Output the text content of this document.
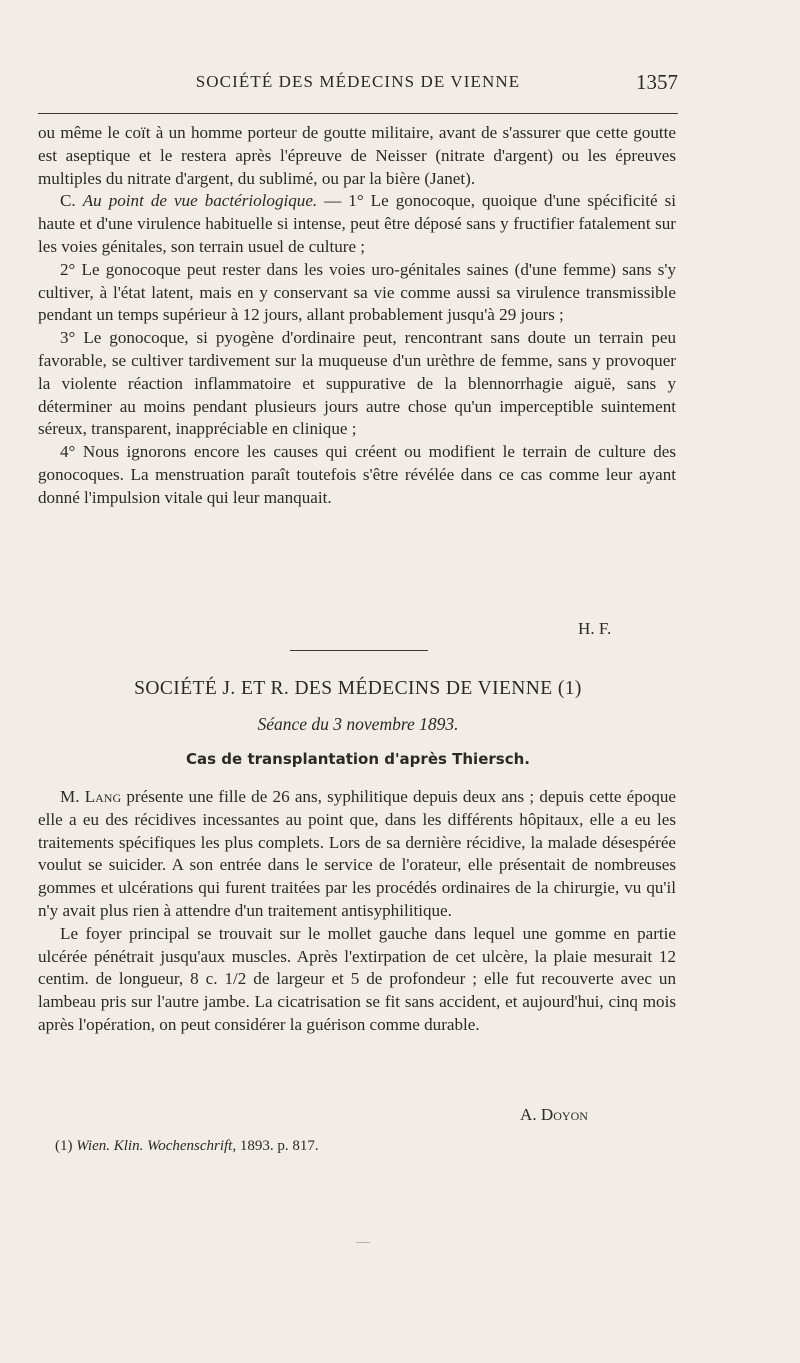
SOCIÉTÉ DES MÉDECINS DE VIENNE	1357

ou même le coït à un homme porteur de goutte militaire, avant de s'assurer que cette goutte est aseptique et le restera après l'épreuve de Neisser (nitrate d'argent) ou les épreuves multiples du nitrate d'argent, du sublimé, ou par la bière (Janet).

C. Au point de vue bactériologique. — 1° Le gonocoque, quoique d'une spécificité si haute et d'une virulence habituelle si intense, peut être déposé sans y fructifier fatalement sur les voies génitales, son terrain usuel de culture ;

2° Le gonocoque peut rester dans les voies uro-génitales saines (d'une femme) sans s'y cultiver, à l'état latent, mais en y conservant sa vie comme aussi sa virulence transmissible pendant un temps supérieur à 12 jours, allant probablement jusqu'à 29 jours ;

3° Le gonocoque, si pyogène d'ordinaire peut, rencontrant sans doute un terrain peu favorable, se cultiver tardivement sur la muqueuse d'un urèthre de femme, sans y provoquer la violente réaction inflammatoire et suppurative de la blennorrhagie aiguë, sans y déterminer au moins pendant plusieurs jours autre chose qu'un imperceptible suintement séreux, transparent, inappréciable en clinique ;

4° Nous ignorons encore les causes qui créent ou modifient le terrain de culture des gonocoques. La menstruation paraît toutefois s'être révélée dans ce cas comme leur ayant donné l'impulsion vitale qui leur manquait.

H. F.
SOCIÉTÉ J. ET R. DES MÉDECINS DE VIENNE (1)
Séance du 3 novembre 1893.
Cas de transplantation d'après Thiersch.

M. Lang présente une fille de 26 ans, syphilitique depuis deux ans ; depuis cette époque elle a eu des récidives incessantes au point que, dans les différents hôpitaux, elle a eu les traitements spécifiques les plus complets. Lors de sa dernière récidive, la malade désespérée voulut se suicider. A son entrée dans le service de l'orateur, elle présentait de nombreuses gommes et ulcérations qui furent traitées par les procédés ordinaires de la chirurgie, vu qu'il n'y avait plus rien à attendre d'un traitement antisyphilitique.

Le foyer principal se trouvait sur le mollet gauche dans lequel une gomme en partie ulcérée pénétrait jusqu'aux muscles. Après l'extirpation de cet ulcère, la plaie mesurait 12 centim. de longueur, 8 c. 1/2 de largeur et 5 de profondeur ; elle fut recouverte avec un lambeau pris sur l'autre jambe. La cicatrisation se fit sans accident, et aujourd'hui, cinq mois après l'opération, on peut considérer la guérison comme durable.

A. Doyon
(1) Wien. Klin. Wochenschrift, 1893. p. 817.
